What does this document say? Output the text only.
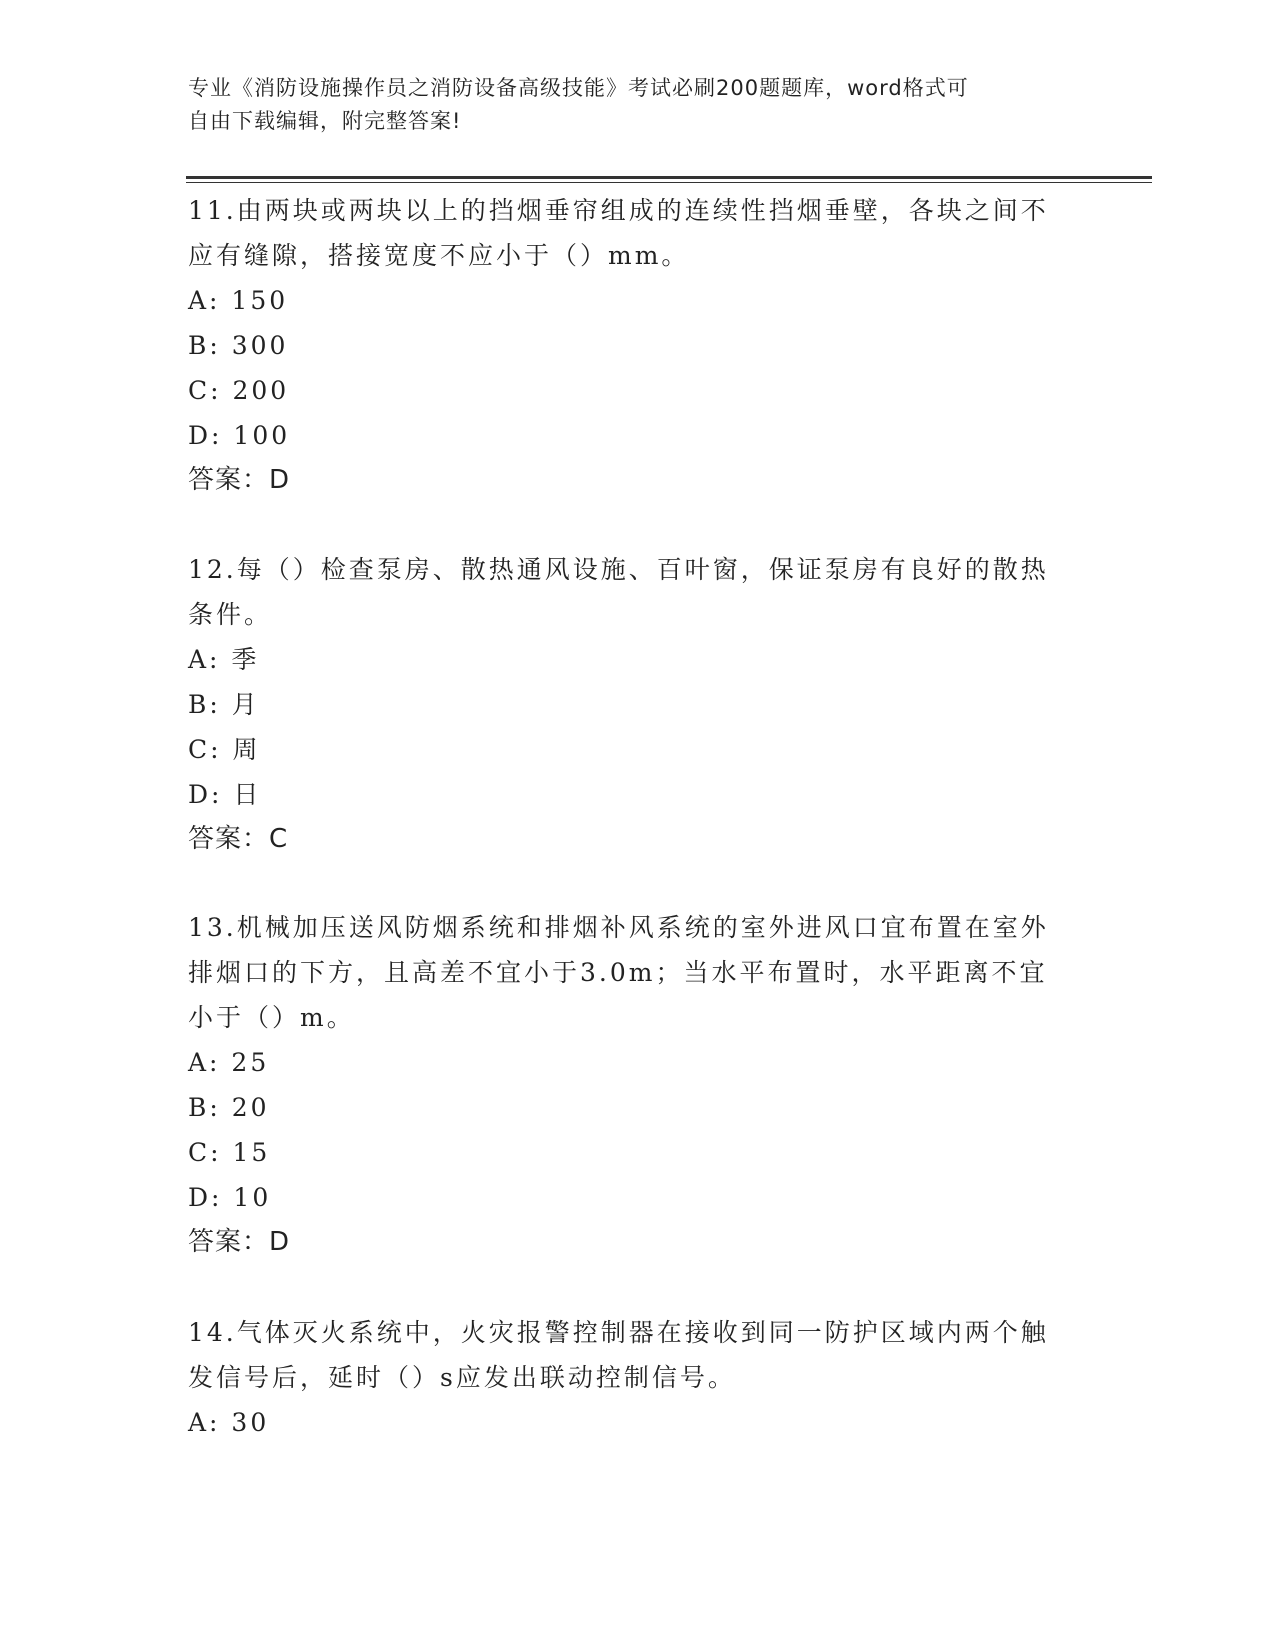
专业《消防设施操作员之消防设备高级技能》考试必刷200题题库，word格式可
自由下载编辑，附完整答案!
11.由两块或两块以上的挡烟垂帘组成的连续性挡烟垂壁，各块之间不应有缝隙，搭接宽度不应小于（）mm。
A: 150
B: 300
C: 200
D: 100
答案：D
12.每（）检查泵房、散热通风设施、百叶窗，保证泵房有良好的散热条件。
A: 季
B: 月
C: 周
D: 日
答案：C
13.机械加压送风防烟系统和排烟补风系统的室外进风口宜布置在室外排烟口的下方，且高差不宜小于3.0m；当水平布置时，水平距离不宜小于（）m。
A: 25
B: 20
C: 15
D: 10
答案：D
14.气体灭火系统中，火灾报警控制器在接收到同一防护区域内两个触发信号后，延时（）s应发出联动控制信号。
A: 30
